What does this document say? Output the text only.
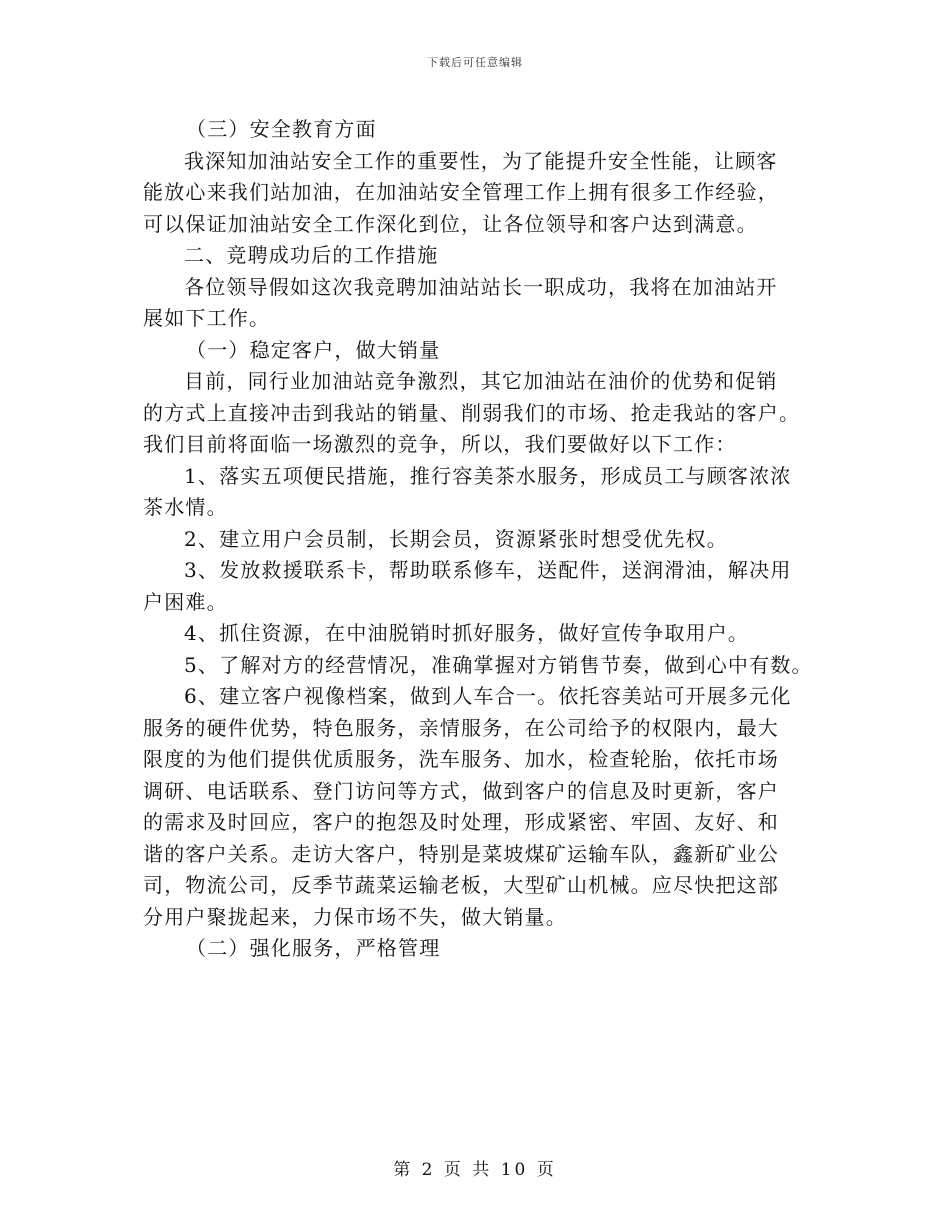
下载后可任意编辑
（三）安全教育方面
我深知加油站安全工作的重要性，为了能提升安全性能，让顾客
能放心来我们站加油，在加油站安全管理工作上拥有很多工作经验，
可以保证加油站安全工作深化到位，让各位领导和客户达到满意。
二、竞聘成功后的工作措施
各位领导假如这次我竞聘加油站站长一职成功，我将在加油站开
展如下工作。
（一）稳定客户，做大销量
目前，同行业加油站竞争激烈，其它加油站在油价的优势和促销
的方式上直接冲击到我站的销量、削弱我们的市场、抢走我站的客户。
我们目前将面临一场激烈的竞争，所以，我们要做好以下工作：
1、落实五项便民措施，推行容美茶水服务，形成员工与顾客浓浓
茶水情。
2、建立用户会员制，长期会员，资源紧张时想受优先权。
3、发放救援联系卡，帮助联系修车，送配件，送润滑油，解决用
户困难。
4、抓住资源，在中油脱销时抓好服务，做好宣传争取用户。
5、了解对方的经营情况，准确掌握对方销售节奏，做到心中有数。
6、建立客户视像档案，做到人车合一。依托容美站可开展多元化
服务的硬件优势，特色服务，亲情服务，在公司给予的权限内，最大
限度的为他们提供优质服务，洗车服务、加水，检查轮胎，依托市场
调研、电话联系、登门访问等方式，做到客户的信息及时更新，客户
的需求及时回应，客户的抱怨及时处理，形成紧密、牢固、友好、和
谐的客户关系。走访大客户，特别是菜坡煤矿运输车队，鑫新矿业公
司，物流公司，反季节蔬菜运输老板，大型矿山机械。应尽快把这部
分用户聚拢起来，力保市场不失，做大销量。
（二）强化服务，严格管理
第 2 页 共 10 页
